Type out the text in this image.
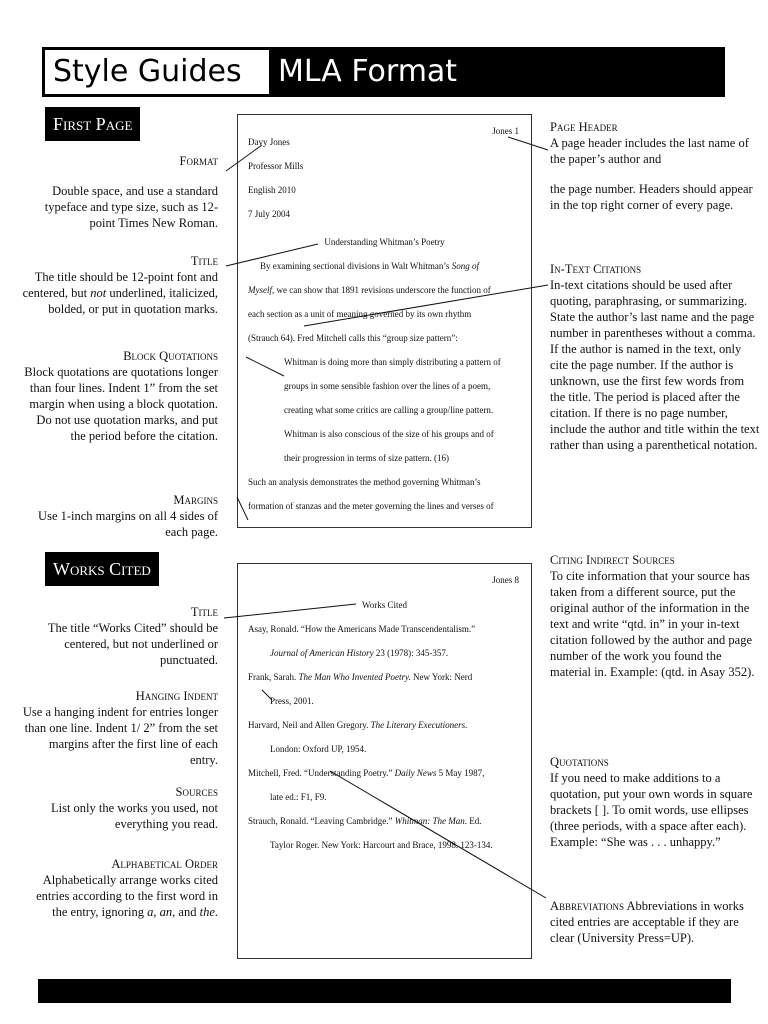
Style Guides	MLA Format
First Page
Works Cited
Format
Double space, and use a standard typeface and type size, such as 12-point Times New Roman.
Title
The title should be 12-point font and centered, but not underlined, italicized, bolded, or put in quotation marks.
Block Quotations
Block quotations are quotations longer than four lines. Indent 1” from the set margin when using a block quotation. Do not use quotation marks, and put the period before the citation.
Margins
Use 1-inch margins on all 4 sides of each page.
Title
The title “Works Cited” should be centered, but not underlined or punctuated.
Hanging Indent
Use a hanging indent for entries longer than one line. Indent 1/ 2” from the set margins after the first line of each entry.
Sources
List only the works you used, not everything you read.
Alphabetical Order
Alphabetically arrange works cited entries according to the first word in the entry, ignoring a, an, and the.
Jones 1
Davy Jones
Professor Mills
English 2010
7 July 2004
Understanding Whitman’s Poetry
By examining sectional divisions in Walt Whitman’s Song of
Myself, we can show that 1891 revisions underscore the function of
each section as a unit of meaning governed by its own rhythm
(Strauch 64). Fred Mitchell calls this “group size pattern”:
Whitman is doing more than simply distributing a pattern of
groups in some sensible fashion over the lines of a poem,
creating what some critics are calling a group/line pattern.
Whitman is also conscious of the size of his groups and of
their progression in terms of size pattern. (16)
Such an analysis demonstrates the method governing Whitman’s
formation of stanzas and the meter governing the lines and verses of
Jones 8
Works Cited
Asay, Ronald. “How the Americans Made Transcendentalism.”
Journal of American History 23 (1978): 345-357.
Frank, Sarah. The Man Who Invented Poetry. New York: Nerd
Press, 2001.
Harvard, Neil and Allen Gregory. The Literary Executioners.
London: Oxford UP, 1954.
Mitchell, Fred. “Understanding Poetry.” Daily News 5 May 1987,
late ed.: F1, F9.
Strauch, Ronald. “Leaving Cambridge.” Whitman: The Man. Ed.
Taylor Roger. New York: Harcourt and Brace, 1998. 123-134.
Page Header
A page header includes the last name of the paper’s author and
the page number. Headers should appear in the top right corner of every page.
In-Text Citations
In-text citations should be used after quoting, paraphrasing, or summarizing. State the author’s last name and the page number in parentheses without a comma. If the author is named in the text, only cite the page number. If the author is unknown, use the first few words from the title. The period is placed after the citation. If there is no page number, include the author and title within the text rather than using a parenthetical notation.
Citing Indirect Sources
To cite information that your source has taken from a different source, put the original author of the information in the text and write “qtd. in” in your in-text citation followed by the author and page number of the work you found the material in. Example: (qtd. in Asay 352).
Quotations
If you need to make additions to a quotation, put your own words in square brackets [ ]. To omit words, use ellipses (three periods, with a space after each). Example: “She was . . . unhappy.”
Abbreviations Abbreviations in works cited entries are acceptable if they are clear (University Press=UP).
